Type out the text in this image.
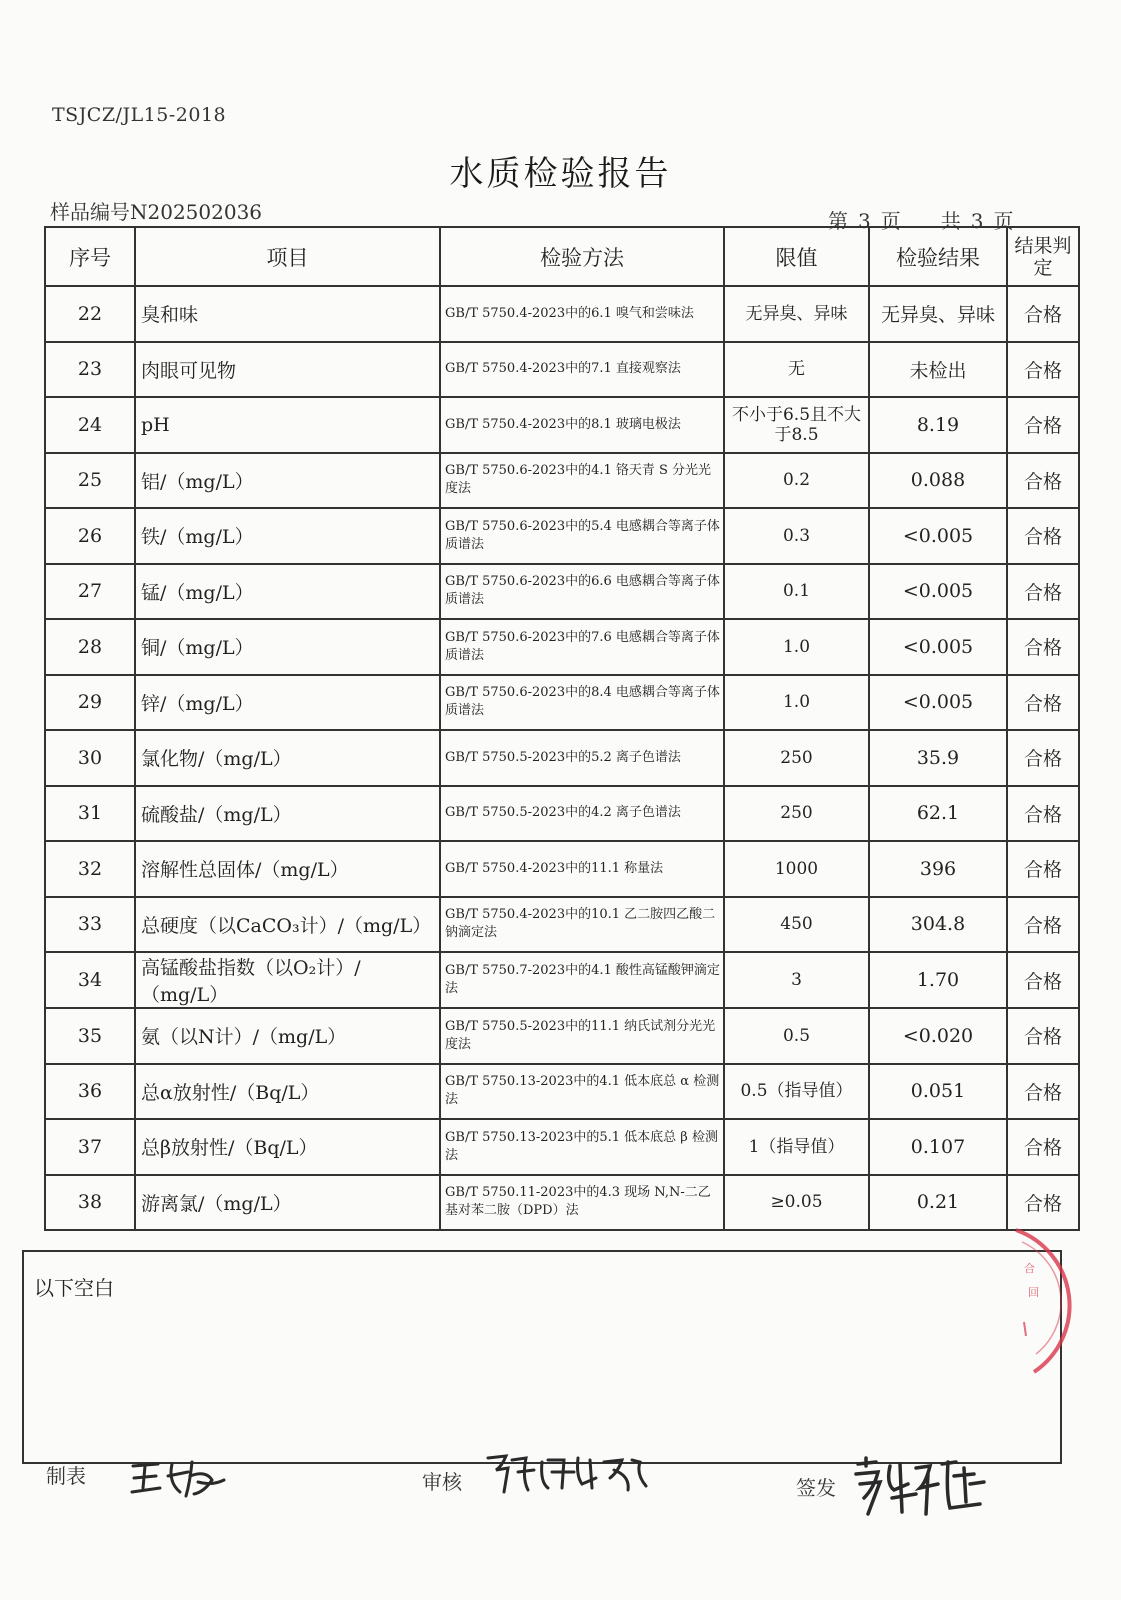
TSJCZ/JL15-2018
水质检验报告
样品编号N202502036	第 3 页 共 3 页
序号	项目	检验方法	限值	检验结果	结果判定
22	臭和味	GB/T 5750.4-2023中的6.1 嗅气和尝味法	无异臭、异味	无异臭、异味	合格
23	肉眼可见物	GB/T 5750.4-2023中的7.1 直接观察法	无	未检出	合格
24	pH	GB/T 5750.4-2023中的8.1 玻璃电极法	不小于6.5且不大于8.5	8.19	合格
25	铝/（mg/L）	GB/T 5750.6-2023中的4.1 铬天青 S 分光光度法	0.2	0.088	合格
26	铁/（mg/L）	GB/T 5750.6-2023中的5.4 电感耦合等离子体质谱法	0.3	<0.005	合格
27	锰/（mg/L）	GB/T 5750.6-2023中的6.6 电感耦合等离子体质谱法	0.1	<0.005	合格
28	铜/（mg/L）	GB/T 5750.6-2023中的7.6 电感耦合等离子体质谱法	1.0	<0.005	合格
29	锌/（mg/L）	GB/T 5750.6-2023中的8.4 电感耦合等离子体质谱法	1.0	<0.005	合格
30	氯化物/（mg/L）	GB/T 5750.5-2023中的5.2 离子色谱法	250	35.9	合格
31	硫酸盐/（mg/L）	GB/T 5750.5-2023中的4.2 离子色谱法	250	62.1	合格
32	溶解性总固体/（mg/L）	GB/T 5750.4-2023中的11.1 称量法	1000	396	合格
33	总硬度（以CaCO₃计）/（mg/L）	GB/T 5750.4-2023中的10.1 乙二胺四乙酸二钠滴定法	450	304.8	合格
34	高锰酸盐指数（以O₂计）/（mg/L）	GB/T 5750.7-2023中的4.1 酸性高锰酸钾滴定法	3	1.70	合格
35	氨（以N计）/（mg/L）	GB/T 5750.5-2023中的11.1 纳氏试剂分光光度法	0.5	<0.020	合格
36	总α放射性/（Bq/L）	GB/T 5750.13-2023中的4.1 低本底总 α 检测法	0.5（指导值）	0.051	合格
37	总β放射性/（Bq/L）	GB/T 5750.13-2023中的5.1 低本底总 β 检测法	1（指导值）	0.107	合格
38	游离氯/（mg/L）	GB/T 5750.11-2023中的4.3 现场 N,N-二乙基对苯二胺（DPD）法	≥0.05	0.21	合格
以下空白
合
回
制表	审核	签发
